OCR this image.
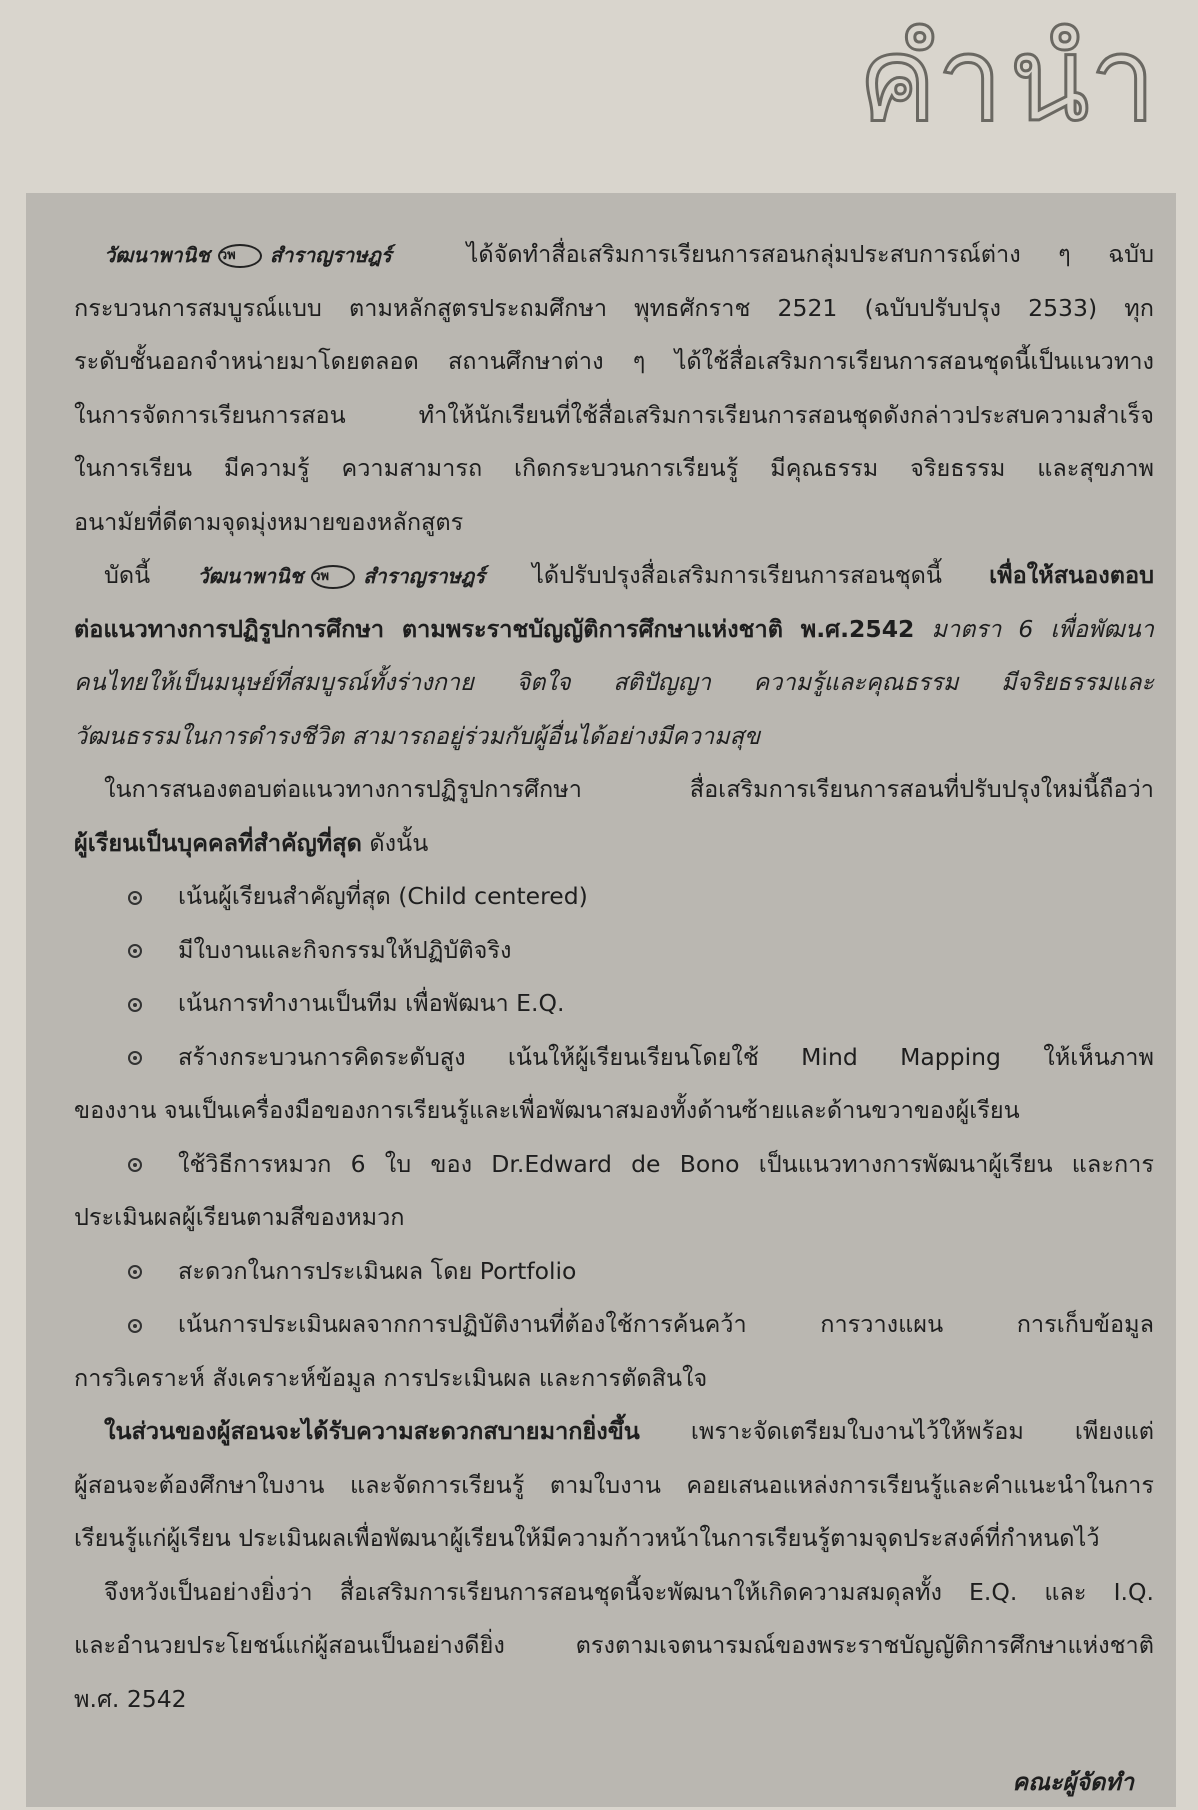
คำนำ
วัฒนาพานิช วพ สำราญราษฎร์	ได้จัดทำสื่อเสริมการเรียนการสอนกลุ่มประสบการณ์ต่าง ๆ ฉบับ
กระบวนการสมบูรณ์แบบ ตามหลักสูตรประถมศึกษา พุทธศักราช 2521 (ฉบับปรับปรุง 2533) ทุก
ระดับชั้นออกจำหน่ายมาโดยตลอด สถานศึกษาต่าง ๆ ได้ใช้สื่อเสริมการเรียนการสอนชุดนี้เป็นแนวทาง
ในการจัดการเรียนการสอน ทำให้นักเรียนที่ใช้สื่อเสริมการเรียนการสอนชุดดังกล่าวประสบความสำเร็จ
ในการเรียน มีความรู้ ความสามารถ เกิดกระบวนการเรียนรู้ มีคุณธรรม จริยธรรม และสุขภาพ
อนามัยที่ดีตามจุดมุ่งหมายของหลักสูตร
บัดนี้ วัฒนาพานิช วพ สำราญราษฎร์ ได้ปรับปรุงสื่อเสริมการเรียนการสอนชุดนี้ เพื่อให้สนองตอบ
ต่อแนวทางการปฏิรูปการศึกษา ตามพระราชบัญญัติการศึกษาแห่งชาติ พ.ศ.2542 มาตรา 6 เพื่อพัฒนา
คนไทยให้เป็นมนุษย์ที่สมบูรณ์ทั้งร่างกาย จิตใจ สติปัญญา ความรู้และคุณธรรม มีจริยธรรมและ
วัฒนธรรมในการดำรงชีวิต สามารถอยู่ร่วมกับผู้อื่นได้อย่างมีความสุข
ในการสนองตอบต่อแนวทางการปฏิรูปการศึกษา สื่อเสริมการเรียนการสอนที่ปรับปรุงใหม่นี้ถือว่า
ผู้เรียนเป็นบุคคลที่สำคัญที่สุด ดังนั้น
เน้นผู้เรียนสำคัญที่สุด (Child centered)
มีใบงานและกิจกรรมให้ปฏิบัติจริง
เน้นการทำงานเป็นทีม เพื่อพัฒนา E.Q.
สร้างกระบวนการคิดระดับสูง เน้นให้ผู้เรียนเรียนโดยใช้ Mind Mapping ให้เห็นภาพ
ของงาน จนเป็นเครื่องมือของการเรียนรู้และเพื่อพัฒนาสมองทั้งด้านซ้ายและด้านขวาของผู้เรียน
ใช้วิธีการหมวก 6 ใบ ของ Dr.Edward de Bono เป็นแนวทางการพัฒนาผู้เรียน และการ
ประเมินผลผู้เรียนตามสีของหมวก
สะดวกในการประเมินผล โดย Portfolio
เน้นการประเมินผลจากการปฏิบัติงานที่ต้องใช้การค้นคว้า การวางแผน การเก็บข้อมูล
การวิเคราะห์ สังเคราะห์ข้อมูล การประเมินผล และการตัดสินใจ
ในส่วนของผู้สอนจะได้รับความสะดวกสบายมากยิ่งขึ้น เพราะจัดเตรียมใบงานไว้ให้พร้อม เพียงแต่
ผู้สอนจะต้องศึกษาใบงาน และจัดการเรียนรู้ ตามใบงาน คอยเสนอแหล่งการเรียนรู้และคำแนะนำในการ
เรียนรู้แก่ผู้เรียน ประเมินผลเพื่อพัฒนาผู้เรียนให้มีความก้าวหน้าในการเรียนรู้ตามจุดประสงค์ที่กำหนดไว้
จึงหวังเป็นอย่างยิ่งว่า สื่อเสริมการเรียนการสอนชุดนี้จะพัฒนาให้เกิดความสมดุลทั้ง E.Q. และ I.Q.
และอำนวยประโยชน์แก่ผู้สอนเป็นอย่างดียิ่ง ตรงตามเจตนารมณ์ของพระราชบัญญัติการศึกษาแห่งชาติ
พ.ศ. 2542
คณะผู้จัดทำ
